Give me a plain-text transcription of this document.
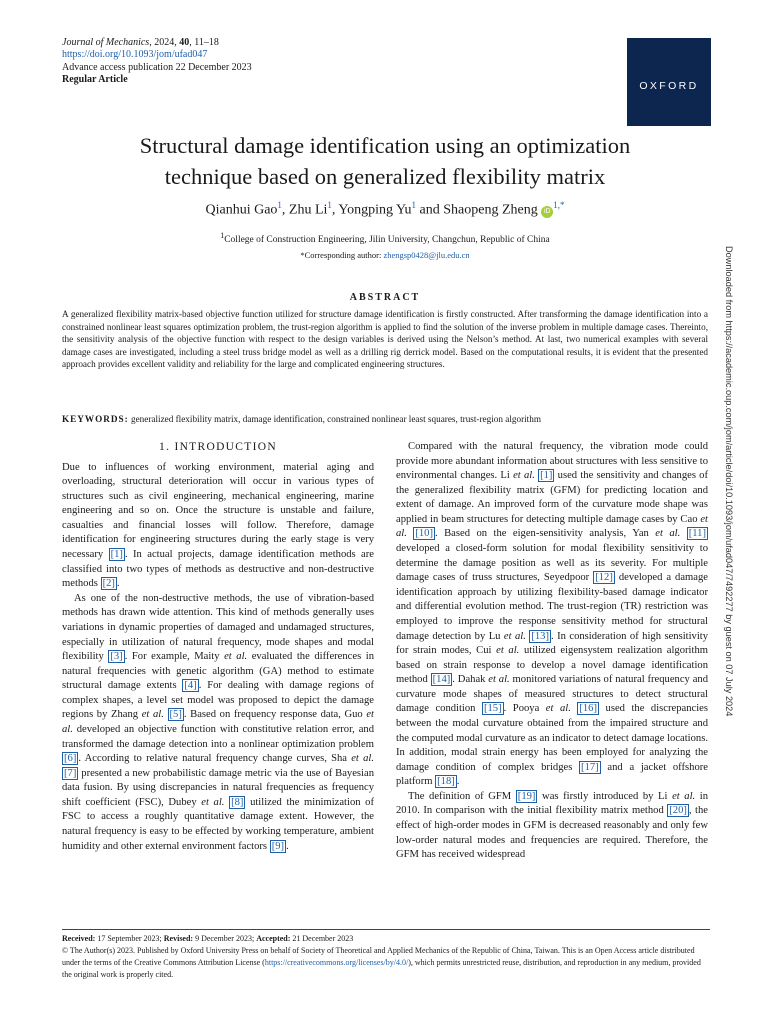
Journal of Mechanics, 2024, 40, 11–18
https://doi.org/10.1093/jom/ufad047
Advance access publication 22 December 2023
Regular Article
OXFORD
Structural damage identification using an optimization
technique based on generalized flexibility matrix
Qianhui Gao$^1$, Zhu Li$^1$, Yongping Yu$^1$ and Shaopeng Zheng $iD^{1,*}$
$^1$College of Construction Engineering, Jilin University, Changchun, Republic of China
*Corresponding author: zhengsp0428@jlu.edu.cn
ABSTRACT
A generalized flexibility matrix-based objective function utilized for structure damage identification is firstly constructed. After transforming the damage identification into a constrained nonlinear least squares optimization problem, the trust-region algorithm is applied to find the solution of the inverse problem in multiple damage cases. Thereinto, the sensitivity analysis of the objective function with respect to the design variables is derived using the Nelson’s method. At last, two numerical examples with several damage cases are investigated, including a steel truss bridge model as well as a drilling rig derrick model. Based on the computational results, it is evident that the presented approach provides excellent validity and reliability for the large and complicated engineering structures.
KEYWORDS: generalized flexibility matrix, damage identification, constrained nonlinear least squares, trust-region algorithm
1. INTRODUCTION

Due to influences of working environment, material aging and overloading, structural deterioration will occur in various types of structures such as civil engineering, mechanical engineering, marine engineering and so on. Once the structure is unstable and failure, casualties and financial losses will follow. Therefore, damage identification for engineering structures during the early stage is very necessary [1] . In actual projects, damage identification methods are classified into two types of methods as destructive and non-destructive methods [2] .

As one of the non-destructive methods, the use of vibration-based methods has drawn wide attention. This kind of methods generally uses variations in dynamic properties of damaged and undamaged structures, especially in utilization of natural frequency, mode shapes and modal flexibility [3] . For example, Maity et al. evaluated the differences in natural frequencies with genetic algorithm (GA) method to estimate structural damage extents [4] . For dealing with damage regions of complex shapes, a level set model was proposed to depict the damage regions by Zhang et al. [5] . Based on frequency response data, Guo et al. developed an objective function with constitutive relation error, and transformed the damage detection into a nonlinear optimization problem [6] . According to relative natural frequency change curves, Sha et al. [7] presented a new probabilistic damage metric via the use of Bayesian data fusion. By using discrepancies in natural frequencies as frequency shift coefficient (FSC), Dubey et al. [8] utilized the minimization of FSC to access a roughly quantitative damage extent. However, the natural frequency is easy to be effected by working temperature, ambient humidity and other external environment factors [9] .

Compared with the natural frequency, the vibration mode could provide more abundant information about structures with less sensitive to environmental changes. Li et al. [1] used the sensitivity and changes of the generalized flexibility matrix (GFM) for predicting location and extent of damage. An improved form of the curvature mode shape was applied in beam structures for detecting multiple damage cases by Cao et al. [10] . Based on the eigen-sensitivity analysis, Yan et al. [11] developed a closed-form solution for modal flexibility sensitivity to determine the damage position as well as its severity. For multiple damage cases of truss structures, Seyedpoor [12] developed a damage identification approach by utilizing flexibility-based damage indicator and differential evolution method. The trust-region (TR) restriction was employed to improve the response sensitivity method for structural damage detection by Lu et al. [13] . In consideration of high sensitivity for strain modes, Cui et al. utilized eigensystem realization algorithm based on strain response to develop a novel damage identification method [14] . Dahak et al. monitored variations of natural frequency and curvature mode shapes of measured structures to detect structural damage condition [15] . Pooya et al. [16] used the discrepancies between the modal curvature obtained from the impaired structure and the computed modal curvature as an indicator to detect damage locations. In addition, modal strain energy has been employed for analyzing the damage condition of complex bridges [17] and a jacket offshore platform [18] .

The definition of GFM [19] was firstly introduced by Li et al. in 2010. In comparison with the initial flexibility matrix method [20] , the effect of high-order modes in GFM is decreased reasonably and only few low-order natural modes and frequencies are required. Therefore, the GFM has received widespread

Received: 17 September 2023; Revised: 9 December 2023; Accepted: 21 December 2023
© The Author(s) 2023. Published by Oxford University Press on behalf of Society of Theoretical and Applied Mechanics of the Republic of China, Taiwan. This is an Open Access article distributed under the terms of the Creative Commons Attribution License (https://creativecommons.org/licenses/by/4.0/), which permits unrestricted reuse, distribution, and reproduction in any medium, provided the original work is properly cited.
Downloaded from https://academic.oup.com/jom/article/doi/10.1093/jom/ufad047/7492277 by guest on 07 July 2024
